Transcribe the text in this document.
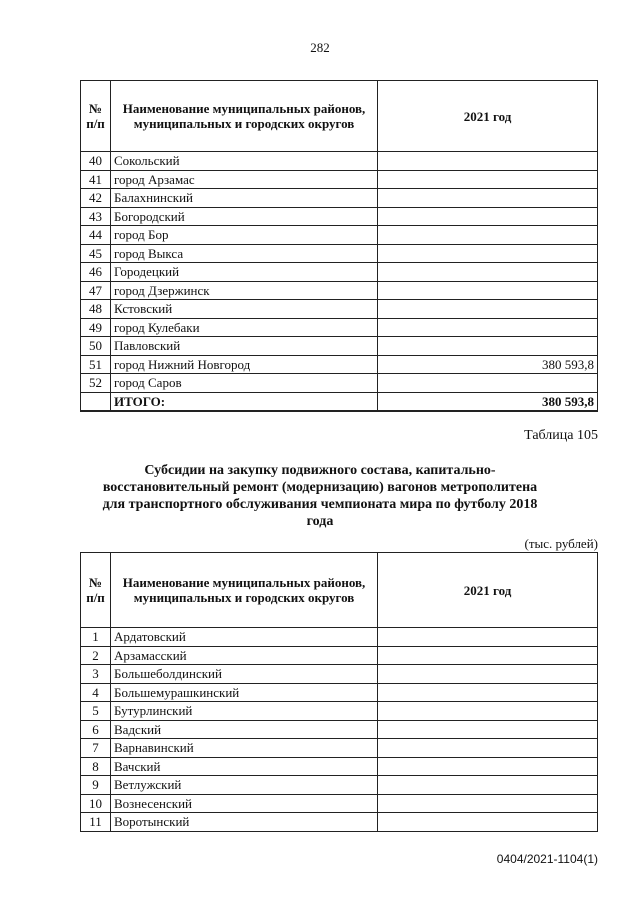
282
№ п/п	Наименование муниципальных районов, муниципальных и городских округов	2021 год
40	Сокольский	
41	город Арзамас	
42	Балахнинский	
43	Богородский	
44	город Бор	
45	город Выкса	
46	Городецкий	
47	город Дзержинск	
48	Кстовский	
49	город Кулебаки	
50	Павловский	
51	город Нижний Новгород	380 593,8
52	город Саров	
	ИТОГО:	380 593,8
Таблица 105
Субсидии на закупку подвижного состава, капитально-восстановительный ремонт (модернизацию) вагонов метрополитена для транспортного обслуживания чемпионата мира по футболу 2018 года
(тыс. рублей)
№ п/п	Наименование муниципальных районов, муниципальных и городских округов	2021 год
1	Ардатовский	
2	Арзамасский	
3	Большеболдинский	
4	Большемурашкинский	
5	Бутурлинский	
6	Вадский	
7	Варнавинский	
8	Вачский	
9	Ветлужский	
10	Вознесенский	
11	Воротынский	
0404/2021-1104(1)
